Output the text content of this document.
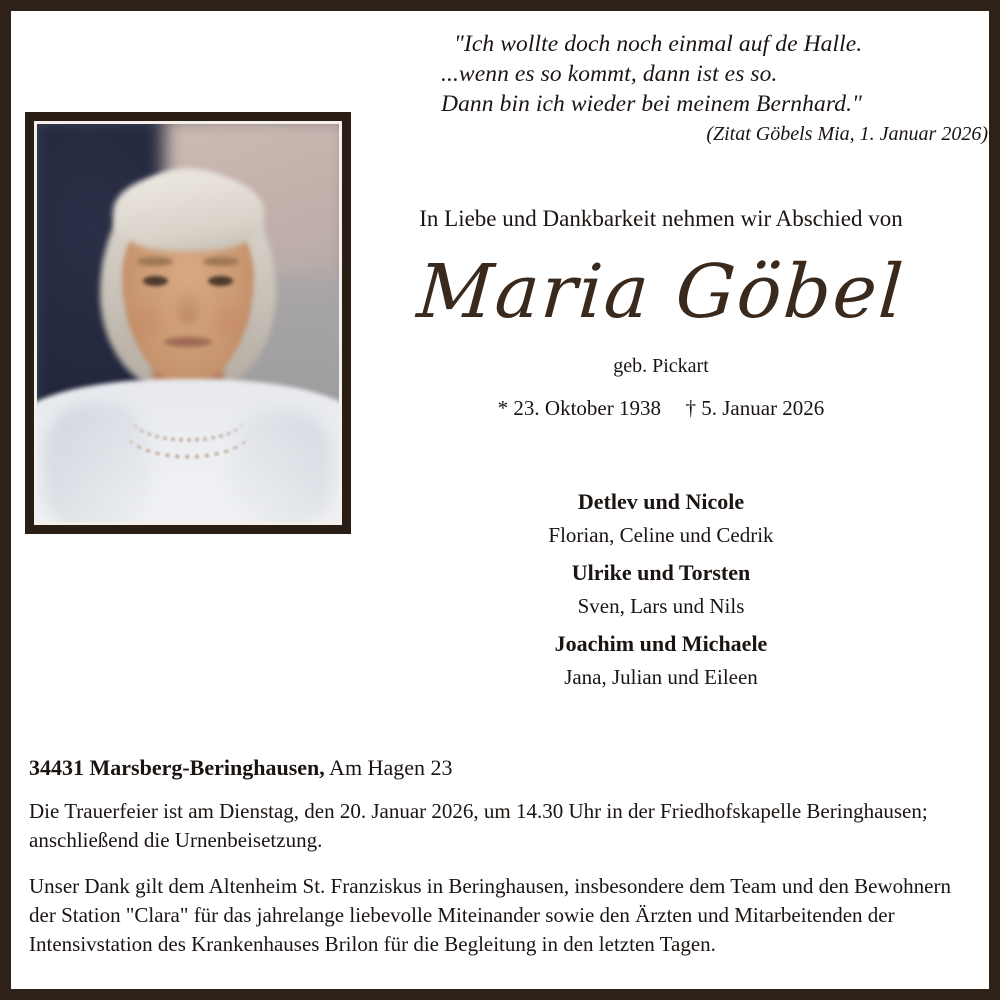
"Ich wollte doch noch einmal auf de Halle.
...wenn es so kommt, dann ist es so.
Dann bin ich wieder bei meinem Bernhard."
(Zitat Göbels Mia, 1. Januar 2026)
In Liebe und Dankbarkeit nehmen wir Abschied von
Maria Göbel
geb. Pickart
* 23. Oktober 1938 † 5. Januar 2026
Detlev und Nicole
Florian, Celine und Cedrik
Ulrike und Torsten
Sven, Lars und Nils
Joachim und Michaele
Jana, Julian und Eileen
34431 Marsberg-Beringhausen, Am Hagen 23
Die Trauerfeier ist am Dienstag, den 20. Januar 2026, um 14.30 Uhr in der Friedhofskapelle Beringhausen; anschließend die Urnenbeisetzung.
Unser Dank gilt dem Altenheim St. Franziskus in Beringhausen, insbesondere dem Team und den Bewohnern der Station "Clara" für das jahrelange liebevolle Miteinander sowie den Ärzten und Mitarbeitenden der Intensivstation des Krankenhauses Brilon für die Begleitung in den letzten Tagen.
